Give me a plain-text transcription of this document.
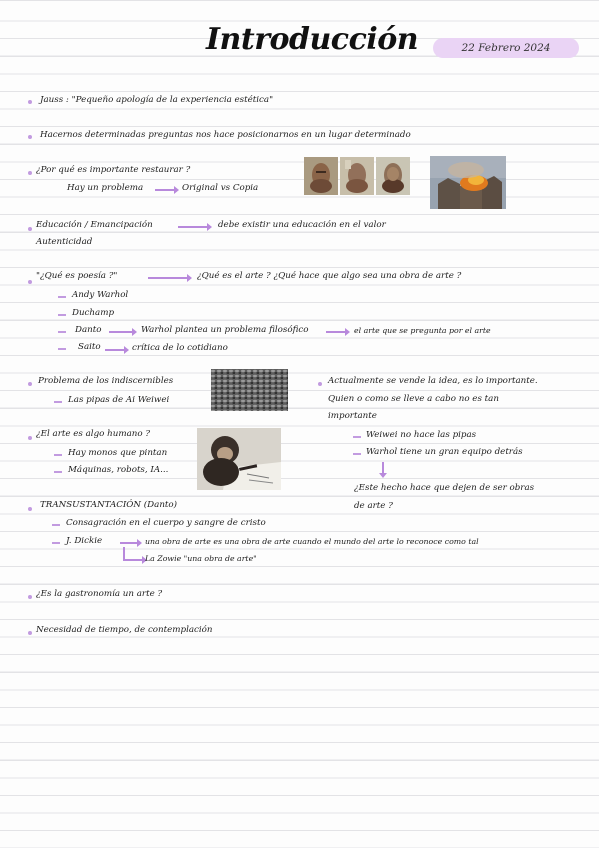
Introducción	22 Febrero 2024
Jauss : "Pequeño apología de la experiencia estética"
Hacernos determinadas preguntas nos hace posicionarnos en un lugar determinado
¿Por qué es importante restaurar ?
Hay un problema	Original vs Copia
Educación / Emancipación	debe existir una educación en el valor
Autenticidad
"¿Qué es poesía ?"	¿Qué es el arte ? ¿Qué hace que algo sea una obra de arte ?
Andy Warhol
Duchamp
Danto	Warhol plantea un problema filosófico	el arte que se pregunta por el arte
Saito	crítica de lo cotidiano
Problema de los indiscernibles
Las pipas de Ai Weiwei
Actualmente se vende la idea, es lo importante.
Quien o como se lleve a cabo no es tan
importante
¿El arte es algo humano ?
Hay monos que pintan
Máquinas, robots, IA...
Weiwei no hace las pipas
Warhol tiene un gran equipo detrás
¿Este hecho hace que dejen de ser obras
de arte ?
TRANSUSTANTACIÓN (Danto)
Consagración en el cuerpo y sangre de cristo
J. Dickie	una obra de arte es una obra de arte cuando el mundo del arte lo reconoce como tal
La Zowie "una obra de arte"
¿Es la gastronomía un arte ?
Necesidad de tiempo, de contemplación
